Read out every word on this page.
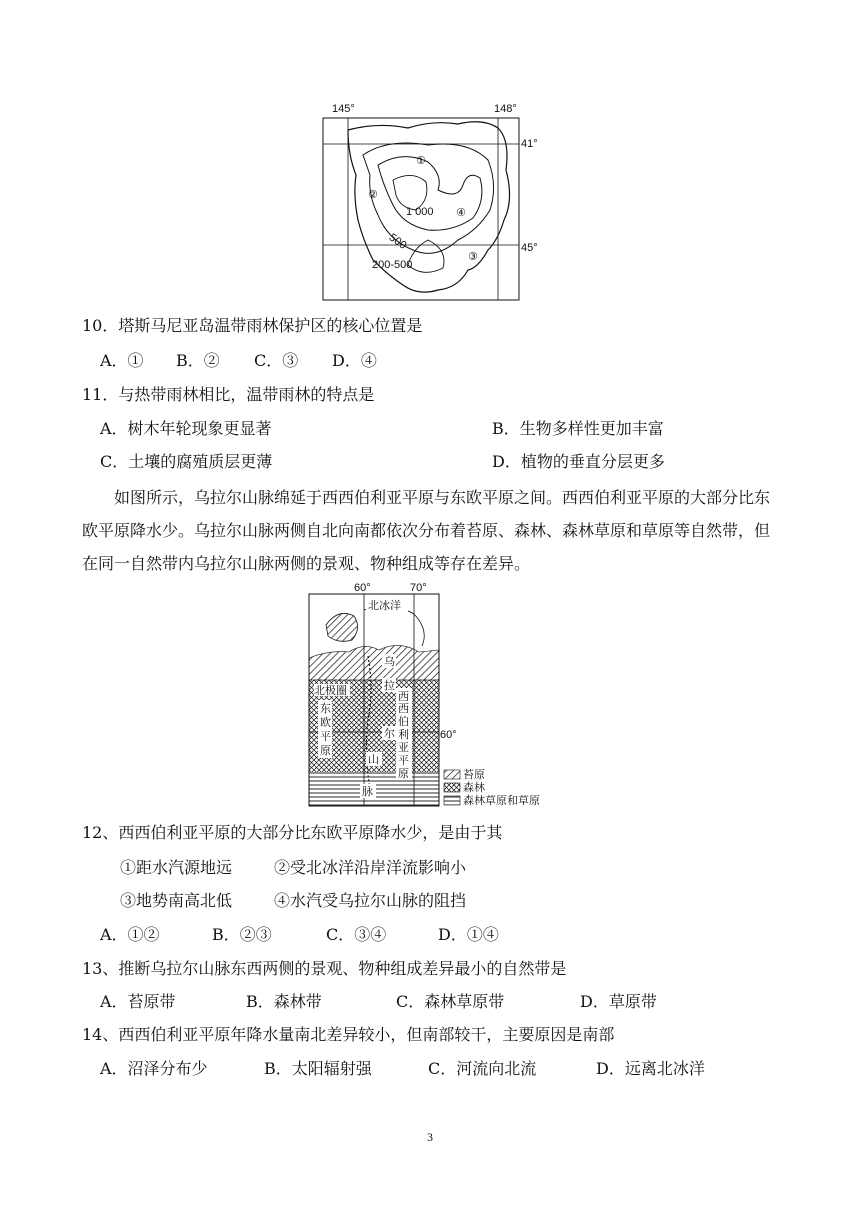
145°	148°
41°
45°
1 000
500
200-500
①
②
③
④
10．塔斯马尼亚岛温带雨林保护区的核心位置是
A．① B．② C．③ D．④
11．与热带雨林相比，温带雨林的特点是
A．树木年轮现象更显著	B．生物多样性更加丰富
C．土壤的腐殖质层更薄	D．植物的垂直分层更多
如图所示，乌拉尔山脉绵延于西西伯利亚平原与东欧平原之间。西西伯利亚平原的大部分比东欧平原降水少。乌拉尔山脉两侧自北向南都依次分布着苔原、森林、森林草原和草原等自然带，但在同一自然带内乌拉尔山脉两侧的景观、物种组成等存在差异。
60°	70°
60°
北冰洋
北极圈
东
欧
平
原
西
西
伯
利
亚
平
原
乌
拉
尔
山
脉
苔原
森林
森林草原和草原
12、西西伯利亚平原的大部分比东欧平原降水少，是由于其
①距水汽源地远	②受北冰洋沿岸洋流影响小
③地势南高北低	④水汽受乌拉尔山脉的阻挡
A．①②	B．②③	C．③④	D．①④
13、推断乌拉尔山脉东西两侧的景观、物种组成差异最小的自然带是
A．苔原带	B．森林带	C．森林草原带	D．草原带
14、西西伯利亚平原年降水量南北差异较小，但南部较干，主要原因是南部
A．沼泽分布少	B．太阳辐射强	C．河流向北流	D．远离北冰洋
3
